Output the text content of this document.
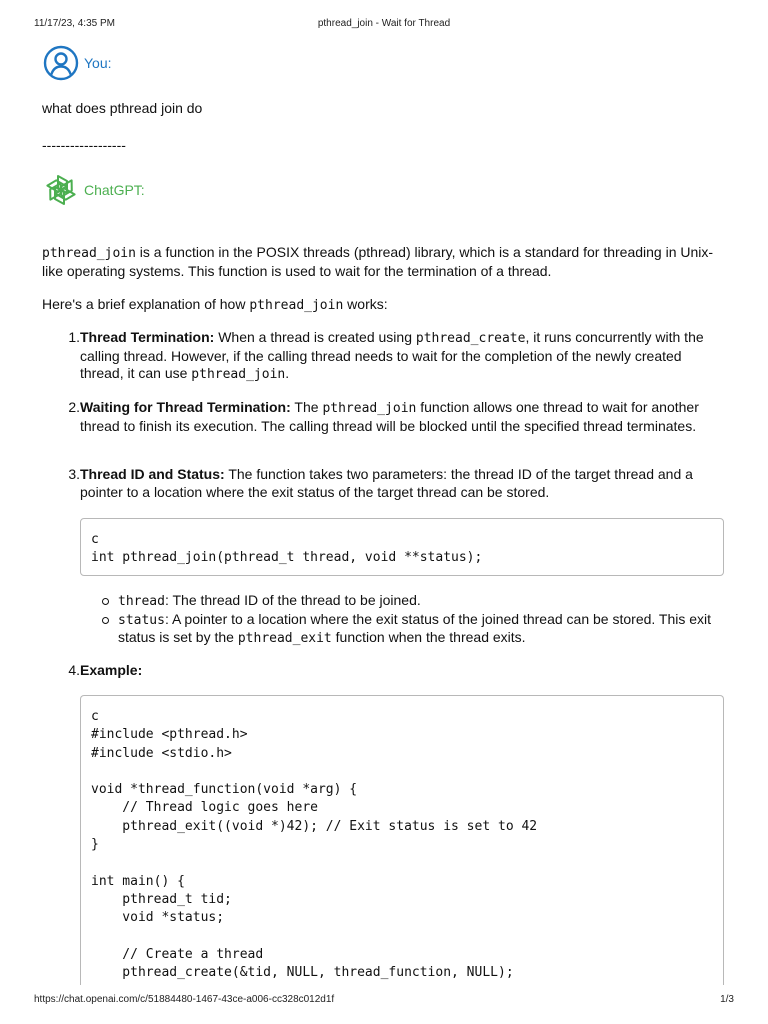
11/17/23, 4:35 PM	pthread_join - Wait for Thread
You:
what does pthread join do
------------------
ChatGPT:
pthread_join is a function in the POSIX threads (pthread) library, which is a standard for threading in Unix-like operating systems. This function is used to wait for the termination of a thread.
Here's a brief explanation of how pthread_join works:
1. Thread Termination: When a thread is created using pthread_create, it runs concurrently with the calling thread. However, if the calling thread needs to wait for the completion of the newly created thread, it can use pthread_join.
2. Waiting for Thread Termination: The pthread_join function allows one thread to wait for another thread to finish its execution. The calling thread will be blocked until the specified thread terminates.
3. Thread ID and Status: The function takes two parameters: the thread ID of the target thread and a pointer to a location where the exit status of the target thread can be stored.
4. Example:
c
int pthread_join(pthread_t thread, void **status);
thread: The thread ID of the thread to be joined.
status: A pointer to a location where the exit status of the joined thread can be stored. This exit status is set by the pthread_exit function when the thread exits.
c
#include <pthread.h>
#include <stdio.h>

void *thread_function(void *arg) {
// Thread logic goes here
pthread_exit((void *)42); // Exit status is set to 42
}

int main() {
pthread_t tid;
void *status;

// Create a thread
pthread_create(&tid, NULL, thread_function, NULL);
https://chat.openai.com/c/51884480-1467-43ce-a006-cc328c012d1f	1/3
